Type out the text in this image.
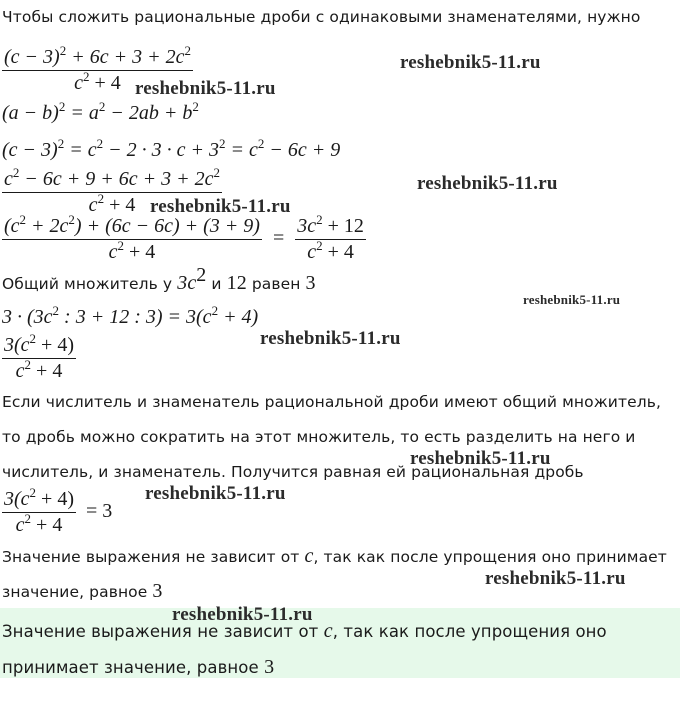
Чтобы сложить рациональные дроби с одинаковыми знаменателями, нужно
$\frac{(c - 3)^2 + 6c + 3 + 2c^2}{c^2 + 4}$
$(a - b)^2 = a^2 - 2ab + b^2$
$(c - 3)^2 = c^2 - 2 \cdot 3 \cdot c + 3^2 = c^2 - 6c + 9$
$\frac{c^2 - 6c + 9 + 6c + 3 + 2c^2}{c^2 + 4}$
$\frac{(c^2 + 2c^2) + (6c - 6c) + (3 + 9)}{c^2 + 4} = \frac{3c^2 + 12}{c^2 + 4}$
Общий множитель у $3c^2$ и 12 равен 3
$3 \cdot (3c^2$ : 3 + 12 : $3) = 3(c^2 + 4)$
$\frac{3(c^2 + 4)}{c^2 + 4}$
Если числитель и знаменатель рациональной дроби имеют общий множитель,
то дробь можно сократить на этот множитель, то есть разделить на него и
числитель, и знаменатель. Получится равная ей рациональная дробь
$\frac{3(c^2 + 4)}{c^2 + 4} = 3$
Значение выражения не зависит от c, так как после упрощения оно принимает
значение, равное 3
Значение выражения не зависит от c, так как после упрощения оно
принимает значение, равное 3
reshebnik5-11.ru
reshebnik5-11.ru
reshebnik5-11.ru
reshebnik5-11.ru
reshebnik5-11.ru
reshebnik5-11.ru
reshebnik5-11.ru
reshebnik5-11.ru
reshebnik5-11.ru
reshebnik5-11.ru
